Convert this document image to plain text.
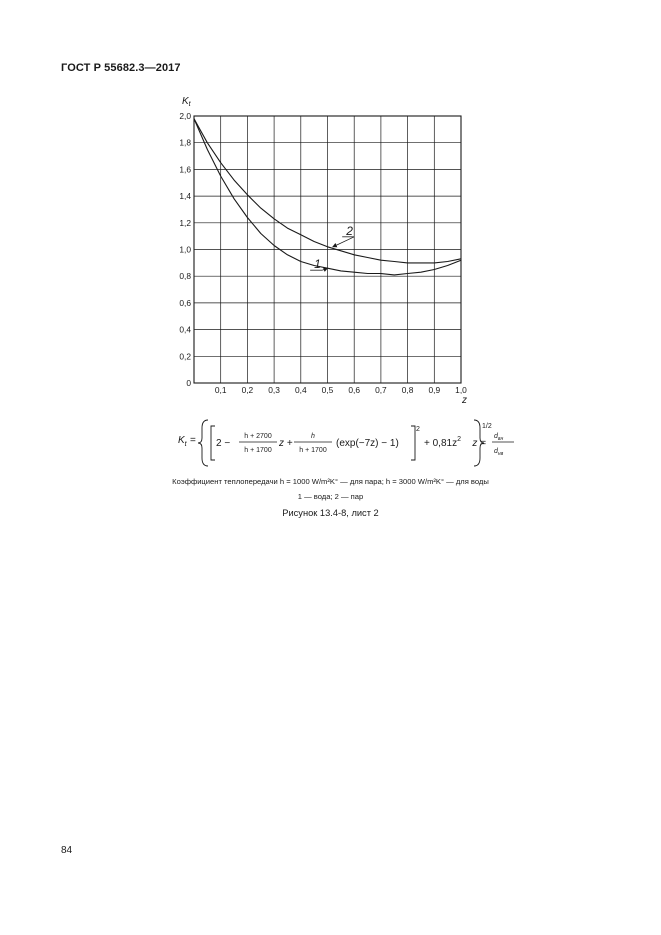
ГОСТ Р 55682.3—2017
0,1 0,2 0,3 0,4 0,5 0,6 0,7 0,8 0,9 1,0
0
0,2
0,4
0,6
0,8
1,0
1,2
1,4
1,6
1,8
2,0
1
2
$K_t$
z
$K_t = 2$ −
h + 2700
h + 1700
z +
h
h + 1700
(exp(−7z) − 1)
2
+ $0,81z^2$
1/2
z =
$d_{вн}$
$d_{нв}$
Коэффициент теплопередачи h = 1000 W/m²K° — для пара; h = 3000 W/m²K° — для воды
1 — вода; 2 — пар
Рисунок 13.4-8, лист 2
84
